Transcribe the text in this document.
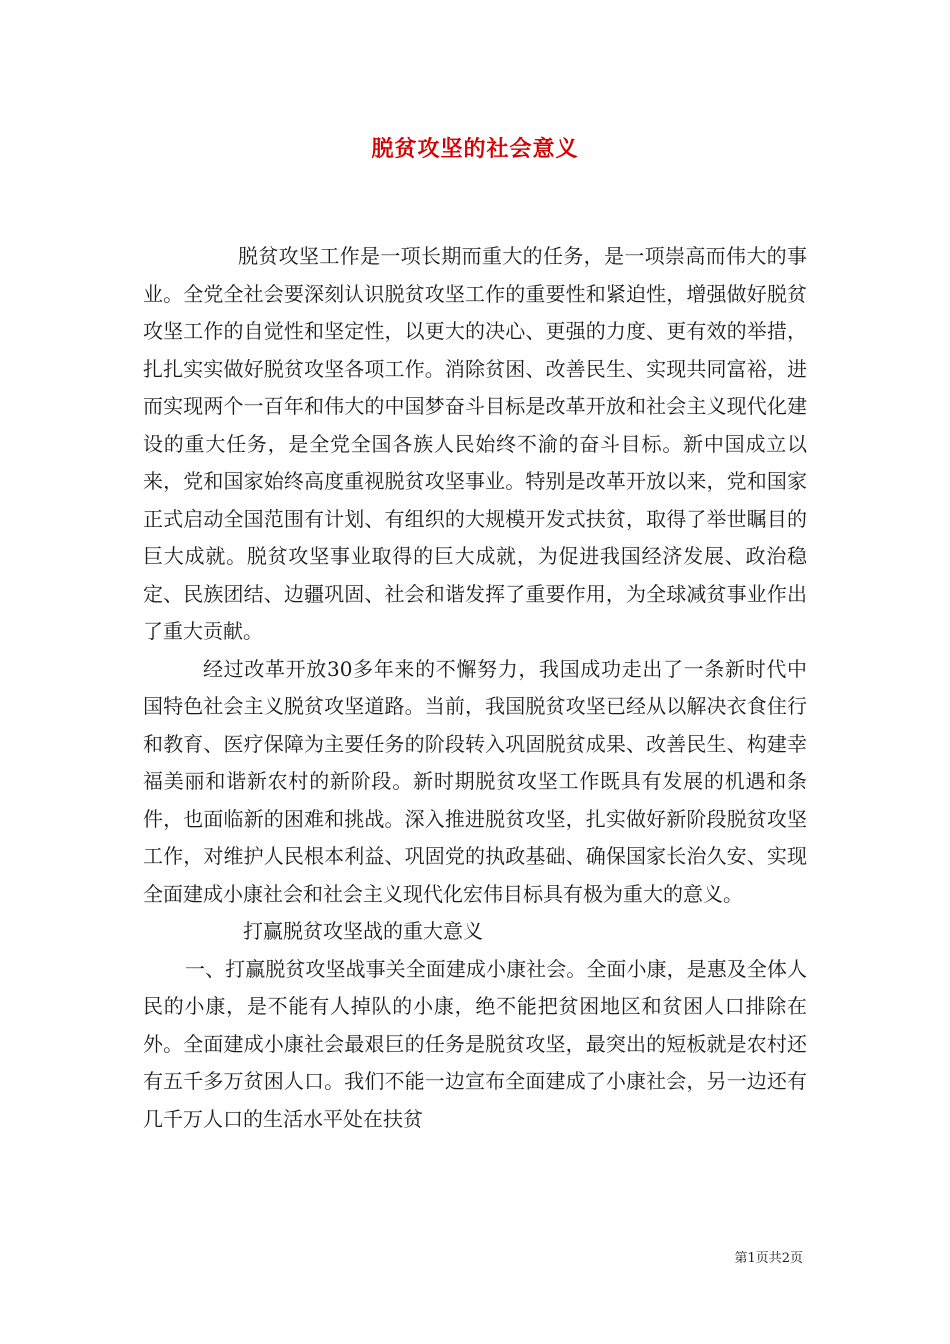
脱贫攻坚的社会意义

脱贫攻坚工作是一项长期而重大的任务，是一项崇高而伟大的事业。全党全社会要深刻认识脱贫攻坚工作的重要性和紧迫性，增强做好脱贫攻坚工作的自觉性和坚定性，以更大的决心、更强的力度、更有效的举措，扎扎实实做好脱贫攻坚各项工作。消除贫困、改善民生、实现共同富裕，进而实现两个一百年和伟大的中国梦奋斗目标是改革开放和社会主义现代化建设的重大任务，是全党全国各族人民始终不渝的奋斗目标。新中国成立以来，党和国家始终高度重视脱贫攻坚事业。特别是改革开放以来，党和国家正式启动全国范围有计划、有组织的大规模开发式扶贫，取得了举世瞩目的巨大成就。脱贫攻坚事业取得的巨大成就，为促进我国经济发展、政治稳定、民族团结、边疆巩固、社会和谐发挥了重要作用，为全球减贫事业作出了重大贡献。

经过改革开放30多年来的不懈努力，我国成功走出了一条新时代中国特色社会主义脱贫攻坚道路。当前，我国脱贫攻坚已经从以解决衣食住行和教育、医疗保障为主要任务的阶段转入巩固脱贫成果、改善民生、构建幸福美丽和谐新农村的新阶段。新时期脱贫攻坚工作既具有发展的机遇和条件，也面临新的困难和挑战。深入推进脱贫攻坚，扎实做好新阶段脱贫攻坚工作，对维护人民根本利益、巩固党的执政基础、确保国家长治久安、实现全面建成小康社会和社会主义现代化宏伟目标具有极为重大的意义。

打赢脱贫攻坚战的重大意义

一、打赢脱贫攻坚战事关全面建成小康社会。全面小康，是惠及全体人民的小康，是不能有人掉队的小康，绝不能把贫困地区和贫困人口排除在外。全面建成小康社会最艰巨的任务是脱贫攻坚，最突出的短板就是农村还有五千多万贫困人口。我们不能一边宣布全面建成了小康社会，另一边还有几千万人口的生活水平处在扶贫

第1页共2页
